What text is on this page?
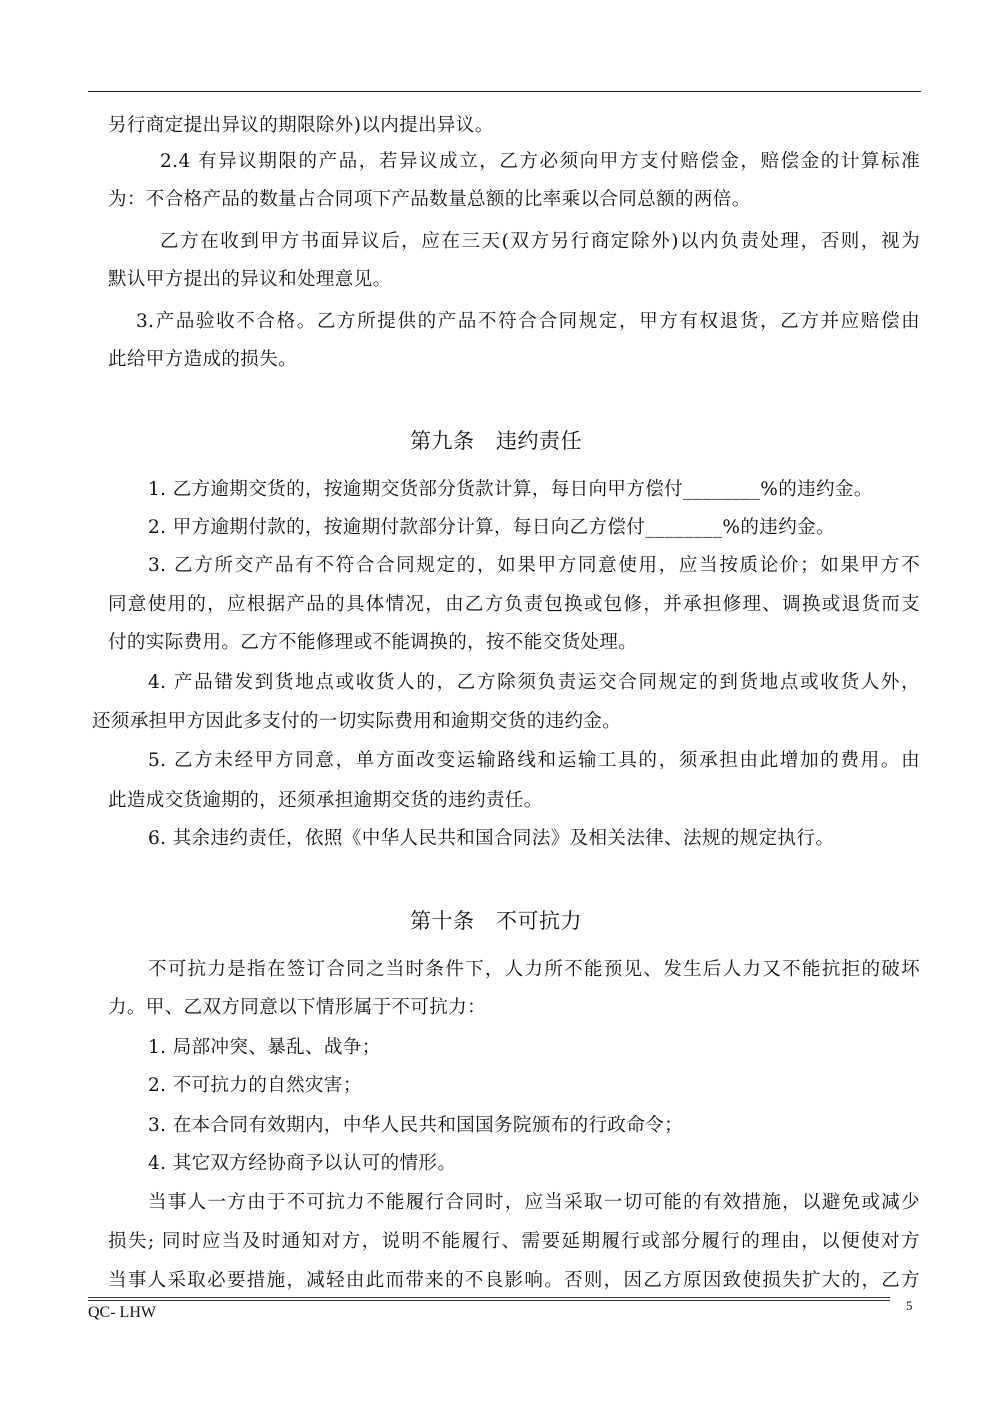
另行商定提出异议的期限除外)以内提出异议。
2.4 有异议期限的产品，若异议成立，乙方必须向甲方支付赔偿金，赔偿金的计算标准
为：不合格产品的数量占合同项下产品数量总额的比率乘以合同总额的两倍。
乙方在收到甲方书面异议后，应在三天(双方另行商定除外)以内负责处理，否则，视为
默认甲方提出的异议和处理意见。
3.产品验收不合格。乙方所提供的产品不符合合同规定，甲方有权退货，乙方并应赔偿由
此给甲方造成的损失。
第九条   违约责任
1. 乙方逾期交货的，按逾期交货部分货款计算，每日向甲方偿付________%的违约金。
2. 甲方逾期付款的，按逾期付款部分计算，每日向乙方偿付________%的违约金。
3. 乙方所交产品有不符合合同规定的，如果甲方同意使用，应当按质论价；如果甲方不
同意使用的，应根据产品的具体情况，由乙方负责包换或包修，并承担修理、调换或退货而支
付的实际费用。乙方不能修理或不能调换的，按不能交货处理。
4. 产品错发到货地点或收货人的，乙方除须负责运交合同规定的到货地点或收货人外，
还须承担甲方因此多支付的一切实际费用和逾期交货的违约金。
5. 乙方未经甲方同意，单方面改变运输路线和运输工具的，须承担由此增加的费用。由
此造成交货逾期的，还须承担逾期交货的违约责任。
6. 其余违约责任，依照《中华人民共和国合同法》及相关法律、法规的规定执行。
第十条   不可抗力
不可抗力是指在签订合同之当时条件下，人力所不能预见、发生后人力又不能抗拒的破坏
力。甲、乙双方同意以下情形属于不可抗力：
1. 局部冲突、暴乱、战争；
2. 不可抗力的自然灾害；
3. 在本合同有效期内，中华人民共和国国务院颁布的行政命令；
4. 其它双方经协商予以认可的情形。
当事人一方由于不可抗力不能履行合同时，应当采取一切可能的有效措施，以避免或减少
损失; 同时应当及时通知对方，说明不能履行、需要延期履行或部分履行的理由，以便使对方
当事人采取必要措施，减轻由此而带来的不良影响。否则，因乙方原因致使损失扩大的，乙方
QC- LHW	5
